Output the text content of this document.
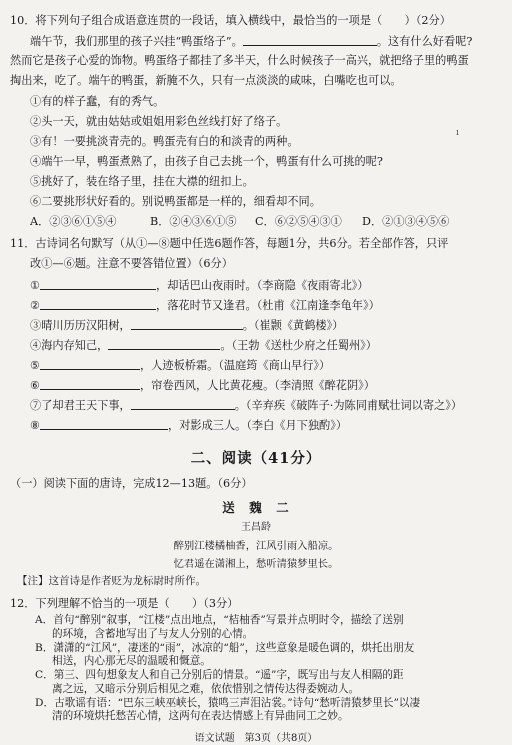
10．将下列句子组合成语意连贯的一段话，填入横线中，最恰当的一项是（　　）（2分）
端午节，我们那里的孩子兴挂“鸭蛋络子”。	。这有什么好看呢?
然而它是孩子心爱的饰物。鸭蛋络子都挂了多半天，什么时候孩子一高兴，就把络子里的鸭蛋
掏出来，吃了。端午的鸭蛋，新腌不久，只有一点淡淡的咸味，白嘴吃也可以。
①有的样子蠢，有的秀气。
②头一天，就由姑姑或姐姐用彩色丝线打好了络子。
③有！一要挑淡青壳的。鸭蛋壳有白的和淡青的两种。
④端午一早，鸭蛋煮熟了，由孩子自己去挑一个，鸭蛋有什么可挑的呢?
⑤挑好了，装在络子里，挂在大襟的纽扣上。
⑥二要挑形状好看的。别说鸭蛋都是一样的，细看却不同。
A．②③⑥①⑤④	B．②④③⑥①⑤ C．⑥②⑤④③① D．②①③④⑤⑥
ı
11．古诗词名句默写（从①—⑧题中任选6题作答，每题1分，共6分。若全部作答，只评
改①—⑥题。注意不要答错位置）（6分）
①	，却话巴山夜雨时。（李商隐《夜雨寄北》）
②	，落花时节又逢君。（杜甫《江南逢李龟年》）
③晴川历历汉阳树，	。（崔颢《黄鹤楼》）
④海内存知己，	。（王勃《送杜少府之任蜀州》）
⑤	，人迹板桥霜。（温庭筠《商山早行》）
⑥	，帘卷西风，人比黄花瘦。（李清照《醉花阴》）
⑦了却君王天下事，	。（辛弃疾《破阵子·为陈同甫赋壮词以寄之》）
⑧	，对影成三人。（李白《月下独酌》）
二、阅读（41分）
（一）阅读下面的唐诗，完成12—13题。（6分）
送　魏　二
王昌龄
醉别江楼橘柚香，江风引雨入船凉。
忆君遥在潇湘上，愁听清猿梦里长。
【注】这首诗是作者贬为龙标尉时所作。
12．下列理解不恰当的一项是（　　）（3分）
A．首句“醉别”叙事，“江楼”点出地点，“桔柚香”写景并点明时令，描绘了送别
的环境，含蓄地写出了与友人分别的心情。
B．潇潇的“江风”，凄迷的“雨”，冰凉的“船”，这些意象是暖色调的，烘托出朋友
相送，内心那无尽的温暖和慨意。
C．第三、四句想象友人和自己分别后的情景。“遥”字，既写出与友人相隔的距
离之远，又暗示分别后相见之难，依依惜别之情传达得委婉动人。
语文试题　第3页（共8页）
D．古歌谣有语：“巴东三峡巫峡长，猿鸣三声泪沾裳。”诗句“愁听清猿梦里长”以凄
清的环境烘托愁苦心情，这两句在表达情感上有异曲同工之妙。
